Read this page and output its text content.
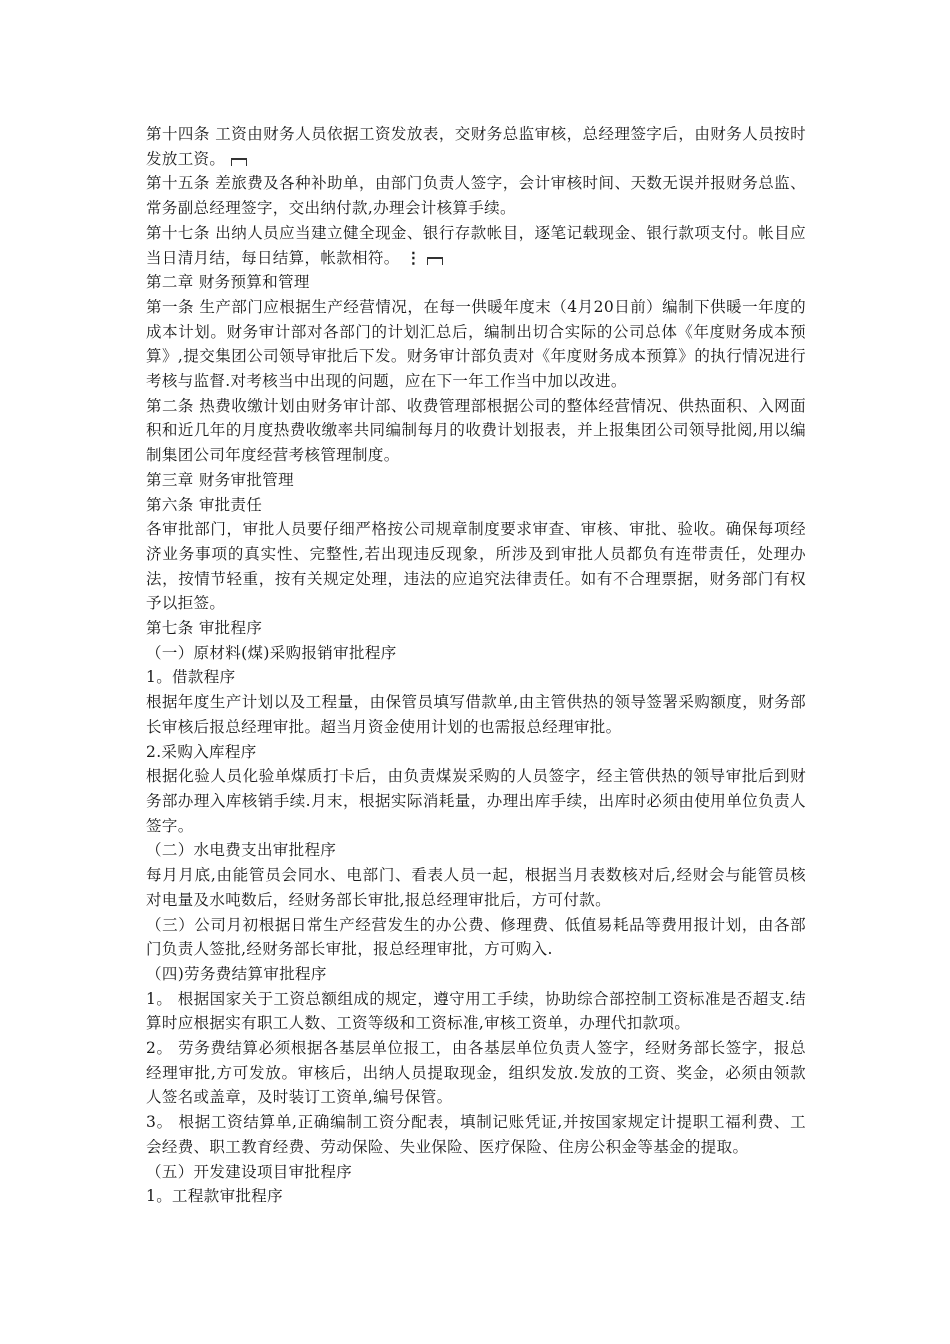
第十四条 工资由财务人员依据工资发放表，交财务总监审核，总经理签字后，由财务人员按时发放工资。

第十五条 差旅费及各种补助单，由部门负责人签字，会计审核时间、天数无误并报财务总监、常务副总经理签字，交出纳付款,办理会计核算手续。

第十七条 出纳人员应当建立健全现金、银行存款帐目，逐笔记载现金、银行款项支付。帐目应当日清月结，每日结算，帐款相符。 ⋮

第二章 财务预算和管理

第一条 生产部门应根据生产经营情况，在每一供暖年度末（4月20日前）编制下供暖一年度的成本计划。财务审计部对各部门的计划汇总后，编制出切合实际的公司总体《年度财务成本预算》,提交集团公司领导审批后下发。财务审计部负责对《年度财务成本预算》的执行情况进行考核与监督.对考核当中出现的问题，应在下一年工作当中加以改进。

第二条 热费收缴计划由财务审计部、收费管理部根据公司的整体经营情况、供热面积、入网面积和近几年的月度热费收缴率共同编制每月的收费计划报表，并上报集团公司领导批阅,用以编制集团公司年度经营考核管理制度。

第三章 财务审批管理

第六条 审批责任

各审批部门，审批人员要仔细严格按公司规章制度要求审查、审核、审批、验收。确保每项经济业务事项的真实性、完整性,若出现违反现象，所涉及到审批人员都负有连带责任，处理办法，按情节轻重，按有关规定处理，违法的应追究法律责任。如有不合理票据，财务部门有权予以拒签。

第七条 审批程序

（一）原材料(煤)采购报销审批程序

1。借款程序

根据年度生产计划以及工程量，由保管员填写借款单,由主管供热的领导签署采购额度，财务部长审核后报总经理审批。超当月资金使用计划的也需报总经理审批。

2.采购入库程序

根据化验人员化验单煤质打卡后，由负责煤炭采购的人员签字，经主管供热的领导审批后到财务部办理入库核销手续.月末，根据实际消耗量，办理出库手续，出库时必须由使用单位负责人签字。

（二）水电费支出审批程序

每月月底,由能管员会同水、电部门、看表人员一起，根据当月表数核对后,经财会与能管员核对电量及水吨数后，经财务部长审批,报总经理审批后，方可付款。

（三）公司月初根据日常生产经营发生的办公费、修理费、低值易耗品等费用报计划，由各部门负责人签批,经财务部长审批，报总经理审批，方可购入.

（四)劳务费结算审批程序

1。 根据国家关于工资总额组成的规定，遵守用工手续，协助综合部控制工资标准是否超支.结算时应根据实有职工人数、工资等级和工资标准,审核工资单，办理代扣款项。

2。 劳务费结算必须根据各基层单位报工，由各基层单位负责人签字，经财务部长签字，报总经理审批,方可发放。审核后，出纳人员提取现金，组织发放.发放的工资、奖金，必须由领款人签名或盖章，及时装订工资单,编号保管。

3。 根据工资结算单,正确编制工资分配表，填制记账凭证,并按国家规定计提职工福利费、工会经费、职工教育经费、劳动保险、失业保险、医疗保险、住房公积金等基金的提取。

（五）开发建设项目审批程序

1。工程款审批程序
